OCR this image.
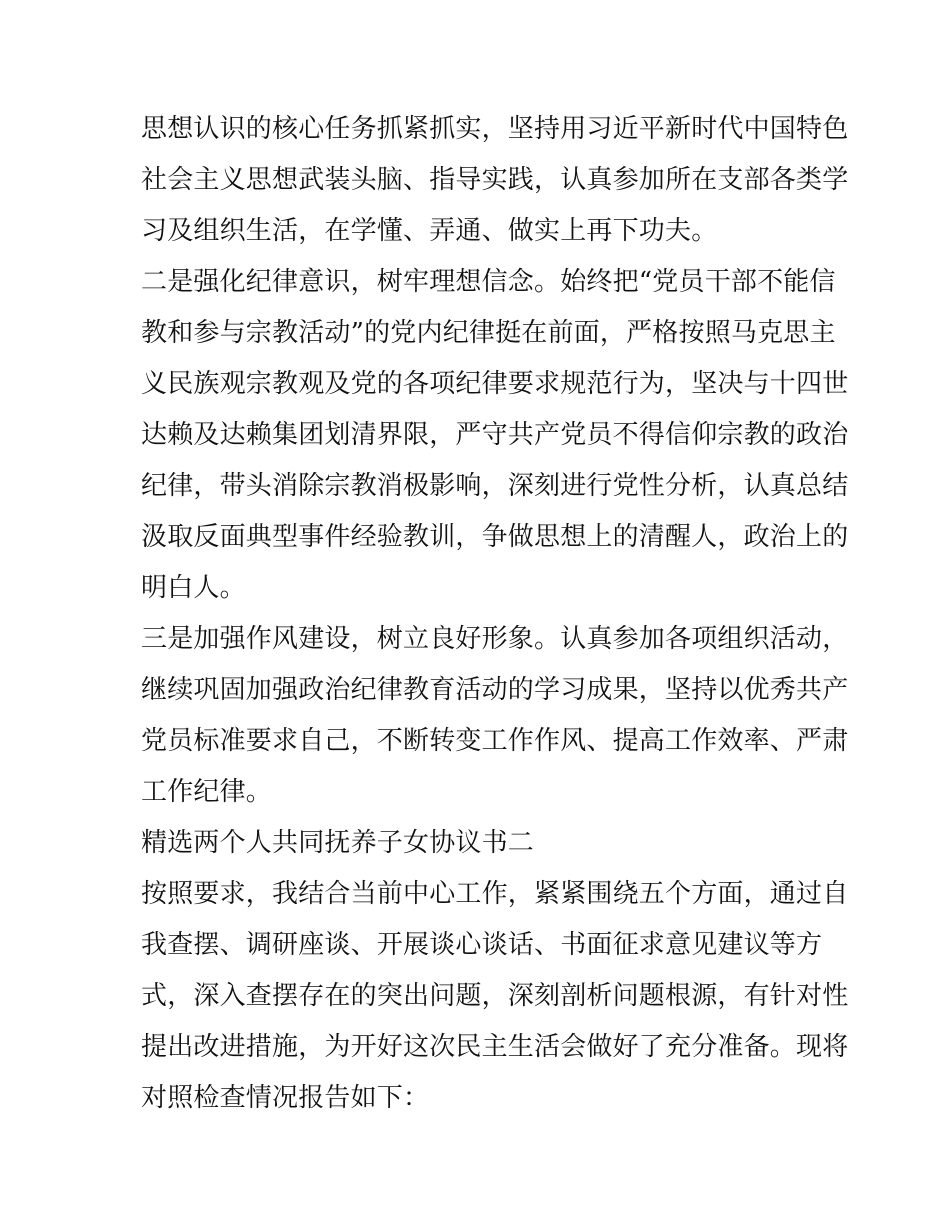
思想认识的核心任务抓紧抓实，坚持用习近平新时代中国特色
社会主义思想武装头脑、指导实践，认真参加所在支部各类学
习及组织生活，在学懂、弄通、做实上再下功夫。
二是强化纪律意识，树牢理想信念。始终把“党员干部不能信
教和参与宗教活动”的党内纪律挺在前面，严格按照马克思主
义民族观宗教观及党的各项纪律要求规范行为，坚决与十四世
达赖及达赖集团划清界限，严守共产党员不得信仰宗教的政治
纪律，带头消除宗教消极影响，深刻进行党性分析，认真总结
汲取反面典型事件经验教训，争做思想上的清醒人，政治上的
明白人。
三是加强作风建设，树立良好形象。认真参加各项组织活动，
继续巩固加强政治纪律教育活动的学习成果，坚持以优秀共产
党员标准要求自己，不断转变工作作风、提高工作效率、严肃
工作纪律。
精选两个人共同抚养子女协议书二
按照要求，我结合当前中心工作，紧紧围绕五个方面，通过自
我查摆、调研座谈、开展谈心谈话、书面征求意见建议等方
式，深入查摆存在的突出问题，深刻剖析问题根源，有针对性
提出改进措施，为开好这次民主生活会做好了充分准备。现将
对照检查情况报告如下：
